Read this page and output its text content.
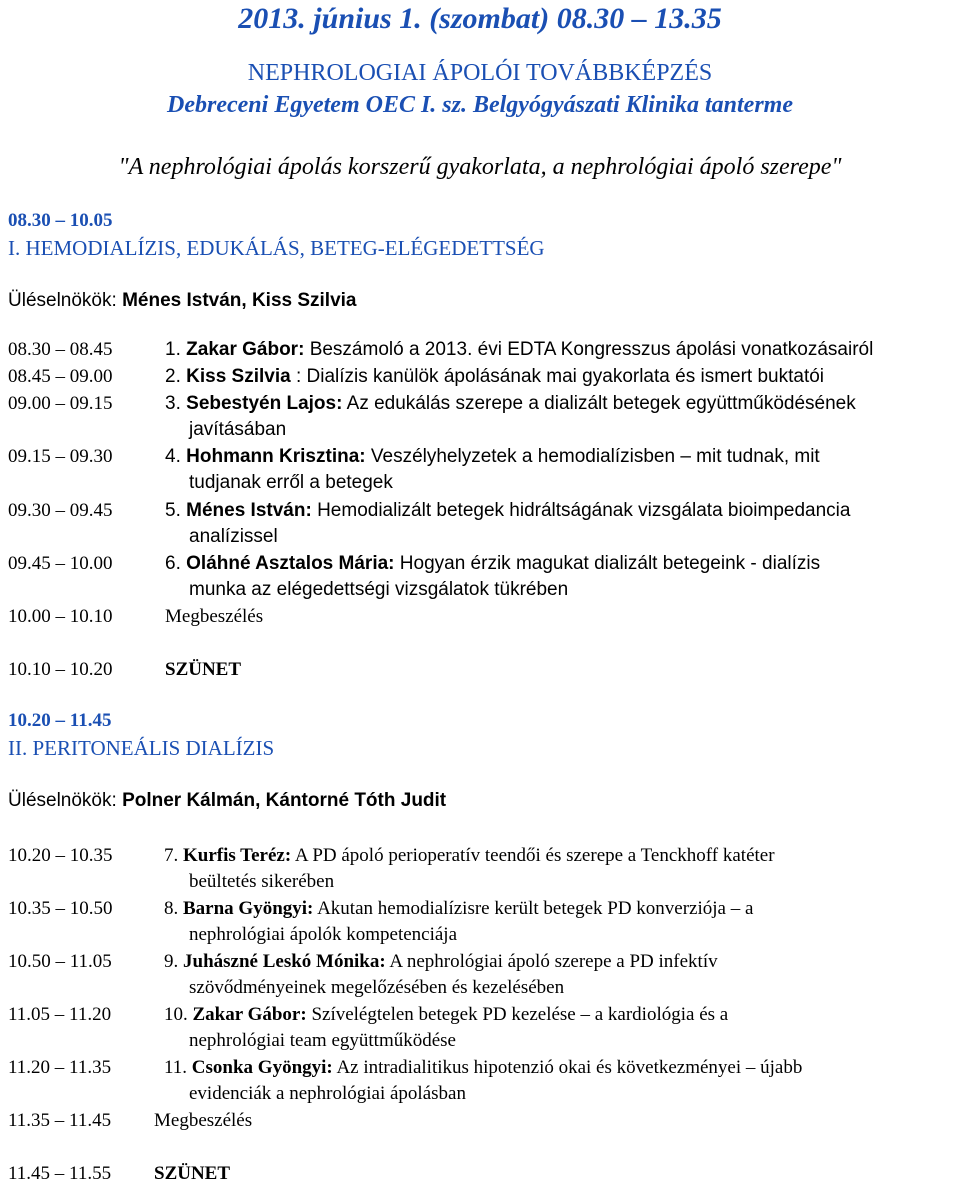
2013. június 1. (szombat) 08.30 – 13.35
NEPHROLOGIAI ÁPOLÓI TOVÁBBKÉPZÉS
Debreceni Egyetem OEC I. sz. Belgyógyászati Klinika tanterme
"A nephrológiai ápolás korszerű gyakorlata, a nephrológiai ápoló szerepe"
08.30 – 10.05
I. HEMODIALÍZIS, EDUKÁLÁS, BETEG-ELÉGEDETTSÉG
Üléselnökök: Ménes István, Kiss Szilvia
08.30 – 08.45	1. Zakar Gábor: Beszámoló a 2013. évi EDTA Kongresszus ápolási vonatkozásairól
08.45 – 09.00	2. Kiss Szilvia : Dialízis kanülök ápolásának mai gyakorlata és ismert buktatói
09.00 – 09.15	3. Sebestyén Lajos: Az edukálás szerepe a dializált betegek együttműködésének
javításában
09.15 – 09.30	4. Hohmann Krisztina: Veszélyhelyzetek a hemodialízisben – mit tudnak, mit
tudjanak erről a betegek
09.30 – 09.45	5. Ménes István: Hemodializált betegek hidráltságának vizsgálata bioimpedancia
analízissel
09.45 – 10.00	6. Oláhné Asztalos Mária: Hogyan érzik magukat dializált betegeink - dialízis
munka az elégedettségi vizsgálatok tükrében
10.00 – 10.10	Megbeszélés
10.10 – 10.20	SZÜNET
10.20 – 11.45
II. PERITONEÁLIS DIALÍZIS
Üléselnökök: Polner Kálmán, Kántorné Tóth Judit
10.20 – 10.35	7. Kurfis Teréz: A PD ápoló perioperatív teendői és szerepe a Tenckhoff katéter
beültetés sikerében
10.35 – 10.50	8. Barna Gyöngyi: Akutan hemodialízisre került betegek PD konverziója – a
nephrológiai ápolók kompetenciája
10.50 – 11.05	9. Juhászné Leskó Mónika: A nephrológiai ápoló szerepe a PD infektív
szövődményeinek megelőzésében és kezelésében
11.05 – 11.20	10. Zakar Gábor: Szívelégtelen betegek PD kezelése – a kardiológia és a
nephrológiai team együttműködése
11.20 – 11.35	11. Csonka Gyöngyi: Az intradialitikus hipotenzió okai és következményei – újabb
evidenciák a nephrológiai ápolásban
11.35 – 11.45 Megbeszélés
11.45 – 11.55 SZÜNET
